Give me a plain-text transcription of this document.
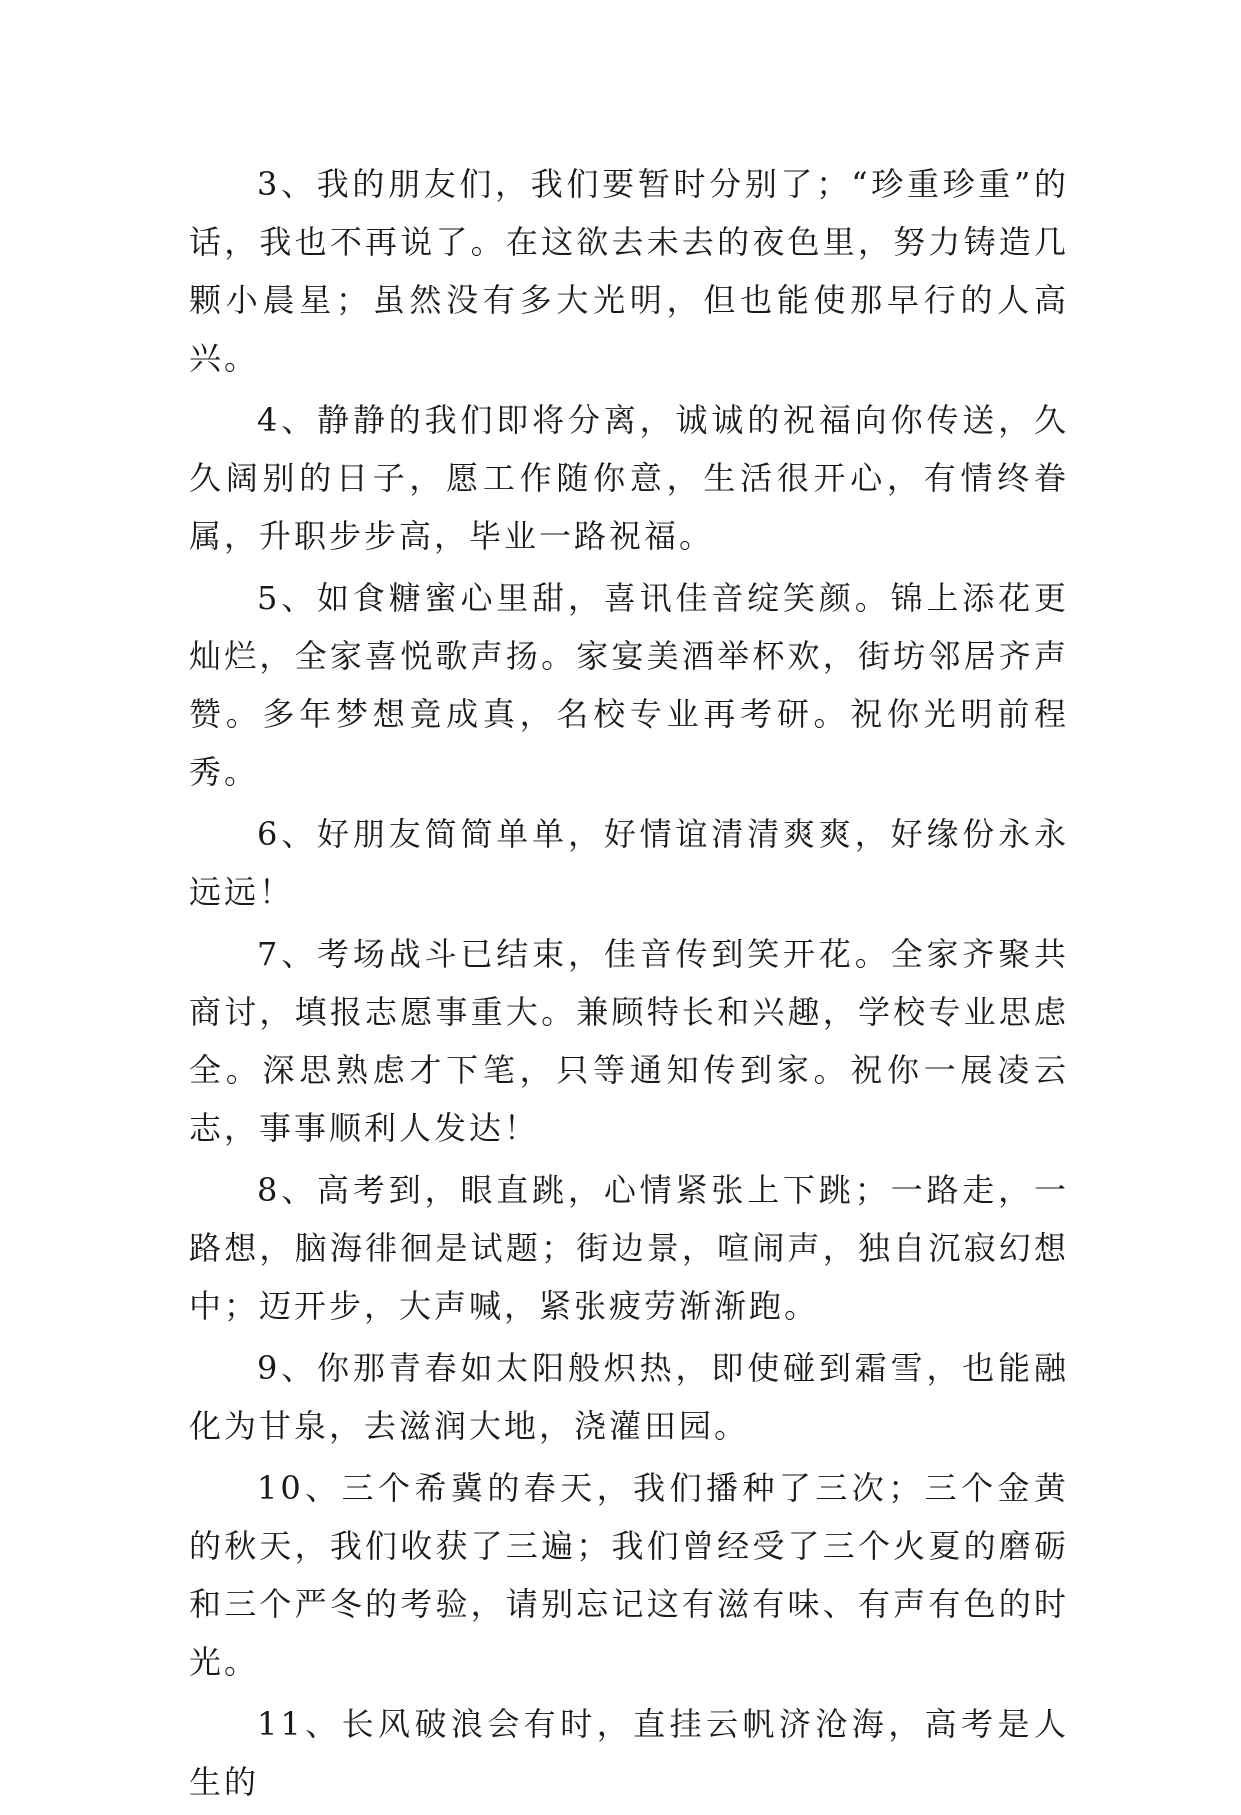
3、我的朋友们，我们要暂时分别了；“珍重珍重”的话，我也不再说了。在这欲去未去的夜色里，努力铸造几颗小晨星；虽然没有多大光明，但也能使那早行的人高兴。

4、静静的我们即将分离，诚诚的祝福向你传送，久久阔别的日子，愿工作随你意，生活很开心，有情终眷属，升职步步高，毕业一路祝福。

5、如食糖蜜心里甜，喜讯佳音绽笑颜。锦上添花更灿烂，全家喜悦歌声扬。家宴美酒举杯欢，街坊邻居齐声赞。多年梦想竟成真，名校专业再考研。祝你光明前程秀。

6、好朋友简简单单，好情谊清清爽爽，好缘份永永远远！

7、考场战斗已结束，佳音传到笑开花。全家齐聚共商讨，填报志愿事重大。兼顾特长和兴趣，学校专业思虑全。深思熟虑才下笔，只等通知传到家。祝你一展凌云志，事事顺利人发达！

8、高考到，眼直跳，心情紧张上下跳；一路走，一路想，脑海徘徊是试题；街边景，喧闹声，独自沉寂幻想中；迈开步，大声喊，紧张疲劳渐渐跑。

9、你那青春如太阳般炽热，即使碰到霜雪，也能融化为甘泉，去滋润大地，浇灌田园。

10、三个希冀的春天，我们播种了三次；三个金黄的秋天，我们收获了三遍；我们曾经受了三个火夏的磨砺和三个严冬的考验，请别忘记这有滋有味、有声有色的时光。

11、长风破浪会有时，直挂云帆济沧海，高考是人生的
